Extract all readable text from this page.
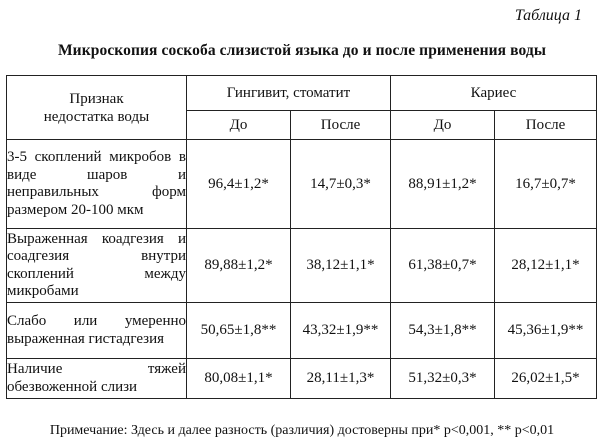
Таблица 1
Микроскопия соскоба слизистой языка до и после применения воды
Признак
недостатка воды	Гингивит, стоматит		Кариес	
	До	После	До	После
3-5 скоплений микробов в виде шаров и неправильных форм размером 20-100 мкм	96,4±1,2*	14,7±0,3*	88,91±1,2*	16,7±0,7*
Выраженная коадгезия и соадгезия внутри скоплений между микробами	89,88±1,2*	38,12±1,1*	61,38±0,7*	28,12±1,1*
Слабо или умеренно выраженная гистадгезия	50,65±1,8**	43,32±1,9**	54,3±1,8**	45,36±1,9**
Наличие тяжей обезвоженной слизи	80,08±1,1*	28,11±1,3*	51,32±0,3*	26,02±1,5*
Примечание: Здесь и далее разность (различия) достоверны при* p<0,001, ** p<0,01
